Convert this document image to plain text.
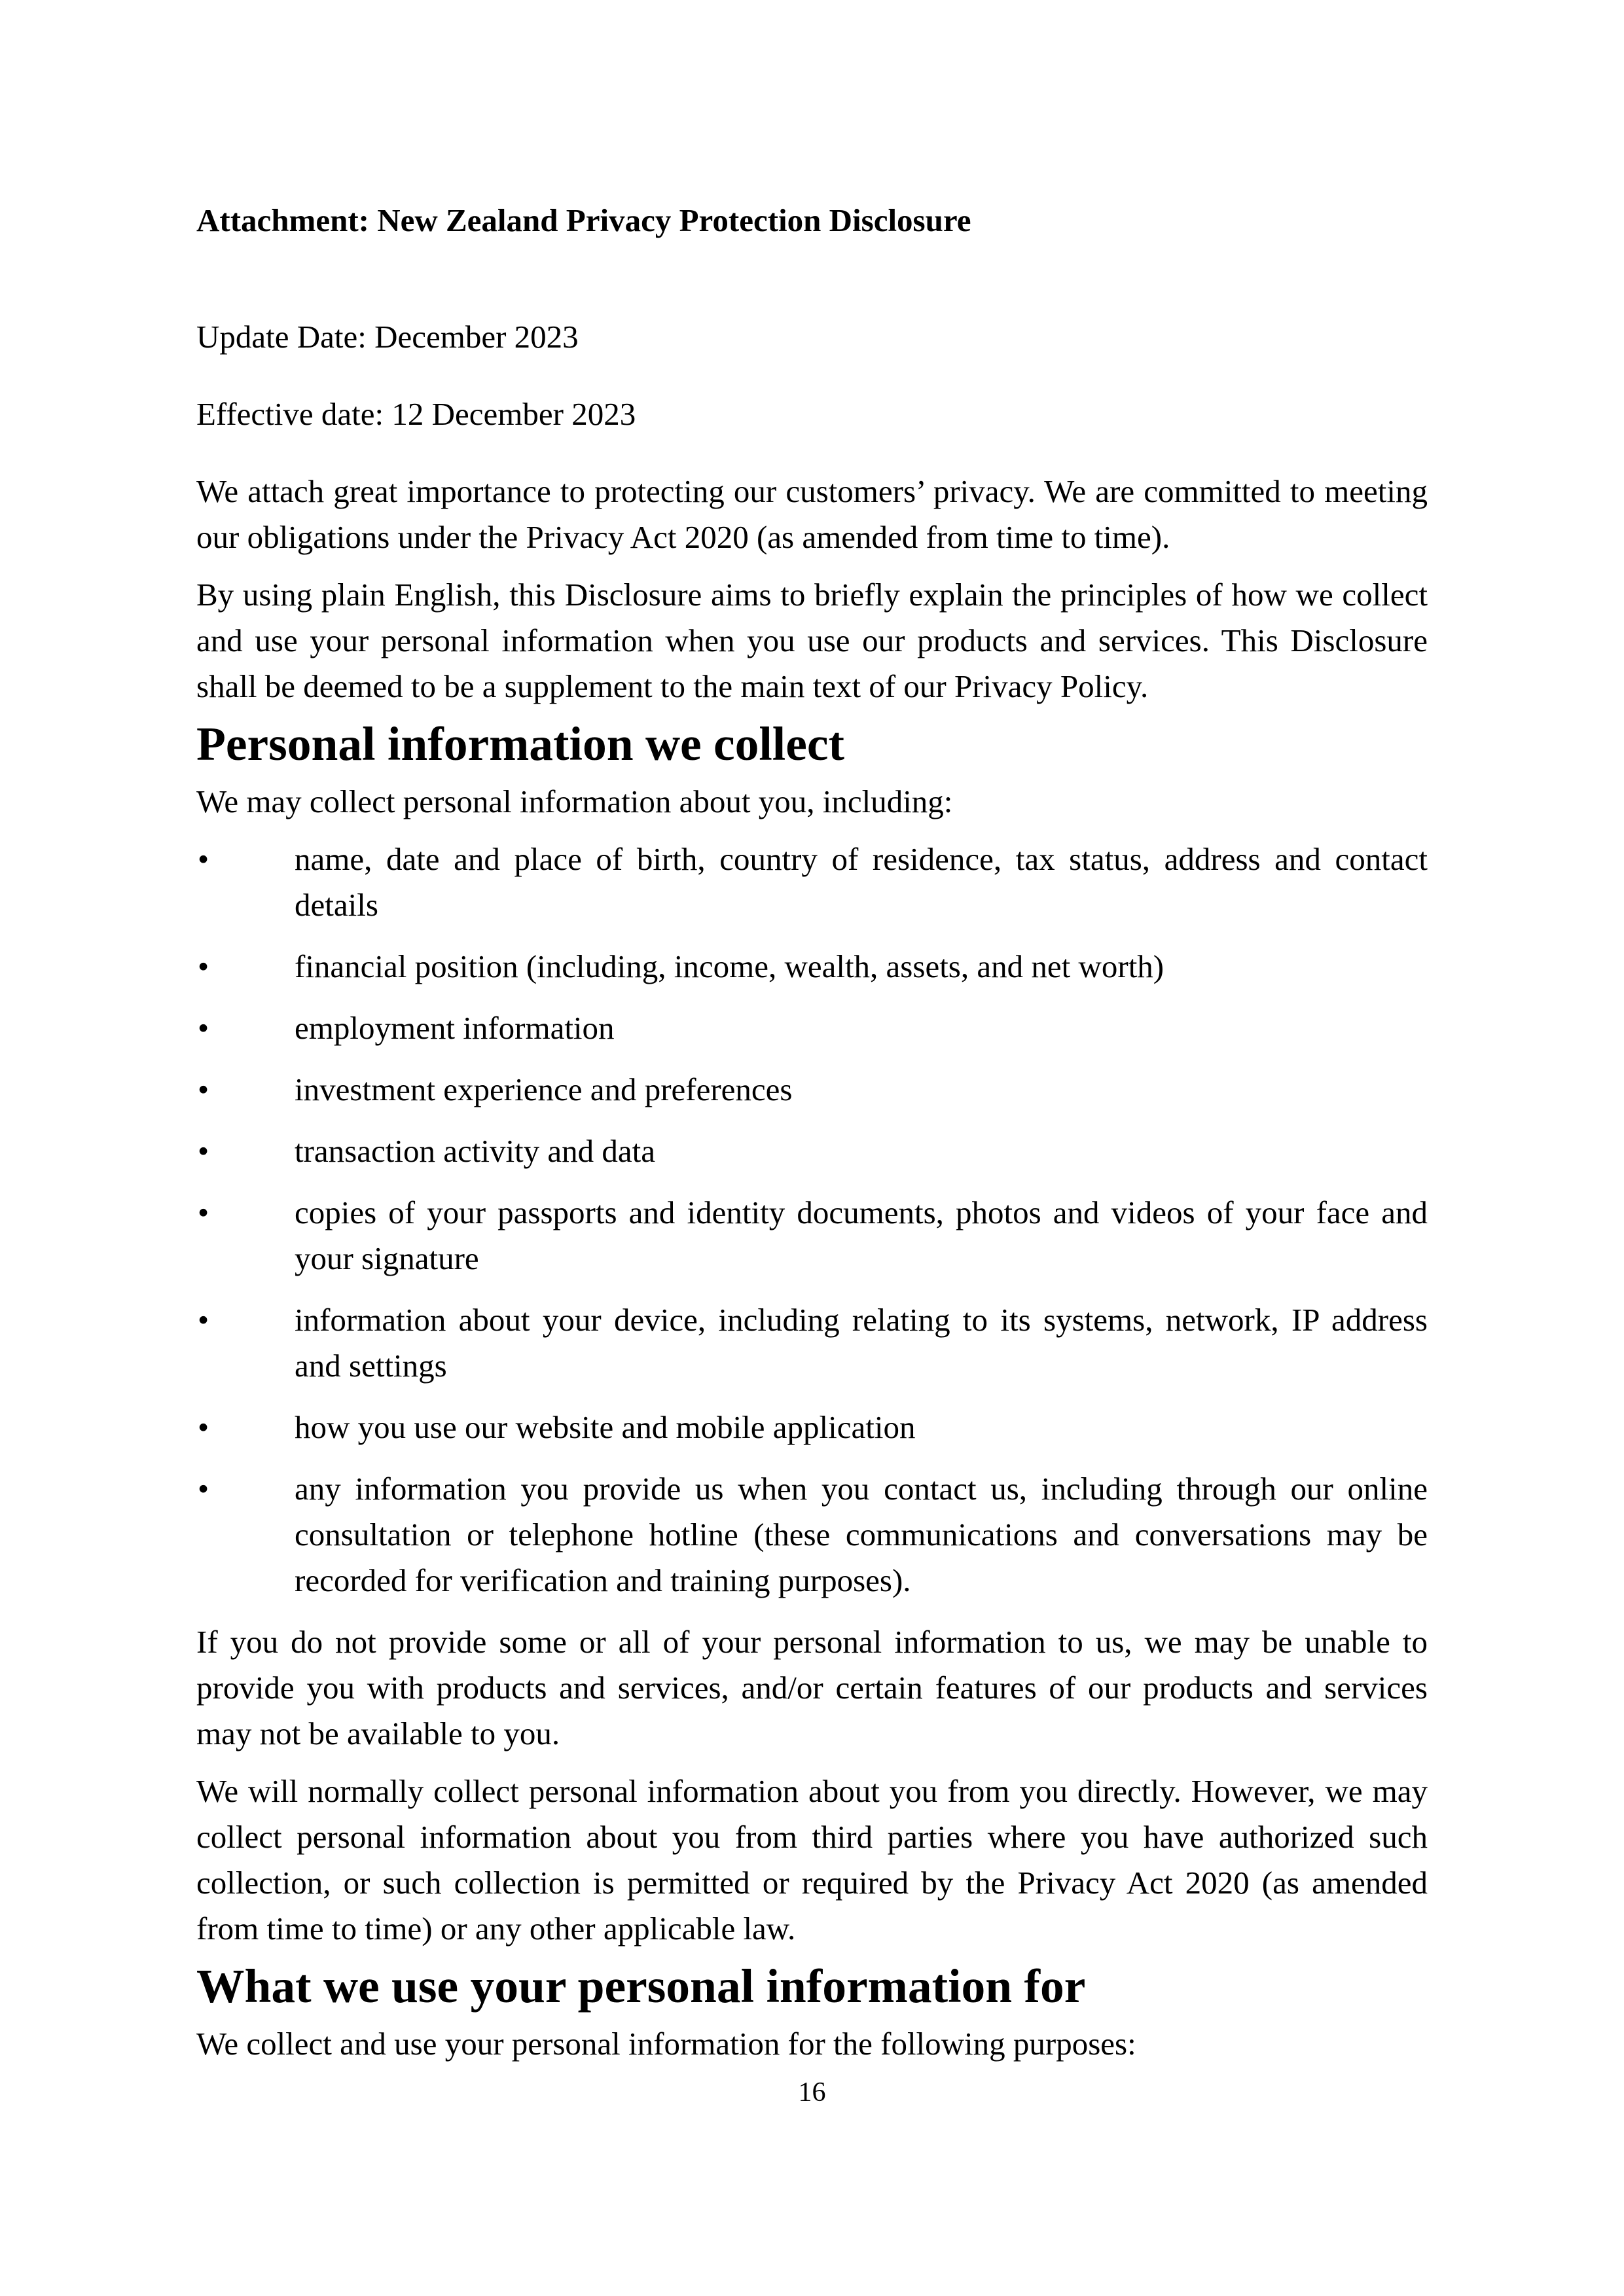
Attachment: New Zealand Privacy Protection Disclosure

Update Date: December 2023

Effective date: 12 December 2023

We attach great importance to protecting our customers’ privacy. We are committed to meeting our obligations under the Privacy Act 2020 (as amended from time to time).

By using plain English, this Disclosure aims to briefly explain the principles of how we collect and use your personal information when you use our products and services. This Disclosure shall be deemed to be a supplement to the main text of our Privacy Policy.

Personal information we collect

We may collect personal information about you, including:

•	name, date and place of birth, country of residence, tax status, address and contact details
•	financial position (including, income, wealth, assets, and net worth)
•	employment information
•	investment experience and preferences
•	transaction activity and data
•	copies of your passports and identity documents, photos and videos of your face and your signature
•	information about your device, including relating to its systems, network, IP address and settings
•	how you use our website and mobile application
•	any information you provide us when you contact us, including through our online consultation or telephone hotline (these communications and conversations may be recorded for verification and training purposes).

If you do not provide some or all of your personal information to us, we may be unable to provide you with products and services, and/or certain features of our products and services may not be available to you.

We will normally collect personal information about you from you directly. However, we may collect personal information about you from third parties where you have authorized such collection, or such collection is permitted or required by the Privacy Act 2020 (as amended from time to time) or any other applicable law.

What we use your personal information for

We collect and use your personal information for the following purposes:

16
